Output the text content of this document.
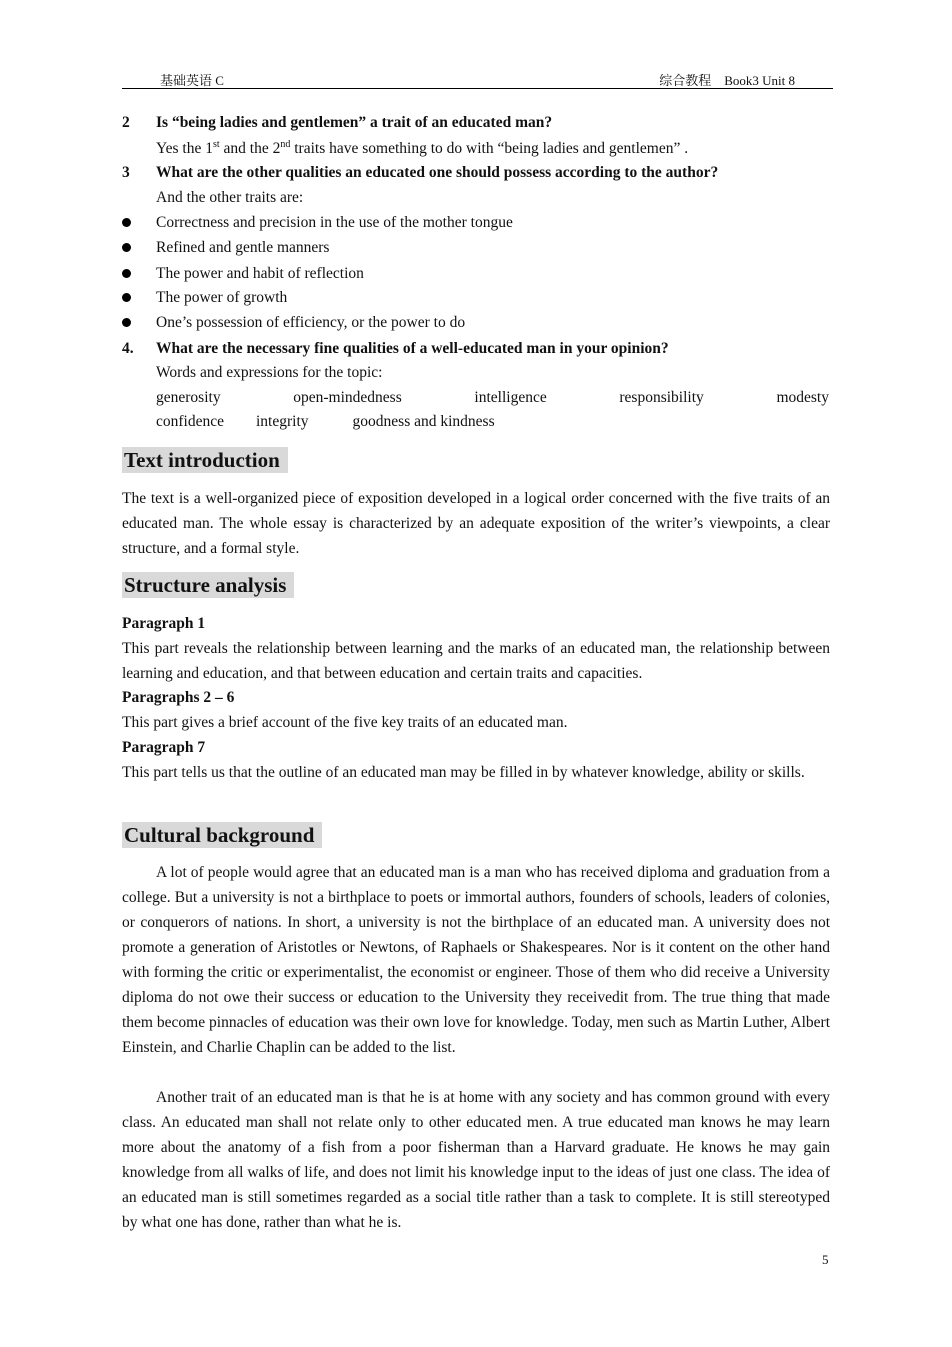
基础英语 C	综合教程　Book3 Unit 8
2 Is “being ladies and gentlemen” a trait of an educated man?
Yes the 1st and the 2nd traits have something to do with “being ladies and gentlemen” .
3 What are the other qualities an educated one should possess according to the author?
And the other traits are:
Correctness and precision in the use of the mother tongue
Refined and gentle manners
The power and habit of reflection
The power of growth
One’s possession of efficiency, or the power to do
4. What are the necessary fine qualities of a well-educated man in your opinion?
Words and expressions for the topic:
generosity	open-mindedness	intelligence	responsibility	modesty
confidence integrity	goodness and kindness
Text introduction
The text is a well-organized piece of exposition developed in a logical order concerned with the five traits of an educated man. The whole essay is characterized by an adequate exposition of the writer’s viewpoints, a clear structure, and a formal style.
Structure analysis
Paragraph 1
This part reveals the relationship between learning and the marks of an educated man, the relationship between learning and education, and that between education and certain traits and capacities.
Paragraphs 2 – 6
This part gives a brief account of the five key traits of an educated man.
Paragraph 7
This part tells us that the outline of an educated man may be filled in by whatever knowledge, ability or skills.
Cultural background
A lot of people would agree that an educated man is a man who has received diploma and graduation from a college. But a university is not a birthplace to poets or immortal authors, founders of schools, leaders of colonies, or conquerors of nations. In short, a university is not the birthplace of an educated man. A university does not promote a generation of Aristotles or Newtons, of Raphaels or Shakespeares. Nor is it content on the other hand with forming the critic or experimentalist, the economist or engineer. Those of them who did receive a University diploma do not owe their success or education to the University they receivedit from. The true thing that made them become pinnacles of education was their own love for knowledge. Today, men such as Martin Luther, Albert Einstein, and Charlie Chaplin can be added to the list.
Another trait of an educated man is that he is at home with any society and has common ground with every class. An educated man shall not relate only to other educated men. A true educated man knows he may learn more about the anatomy of a fish from a poor fisherman than a Harvard graduate. He knows he may gain knowledge from all walks of life, and does not limit his knowledge input to the ideas of just one class. The idea of an educated man is still sometimes regarded as a social title rather than a task to complete. It is still stereotyped by what one has done, rather than what he is.
5
